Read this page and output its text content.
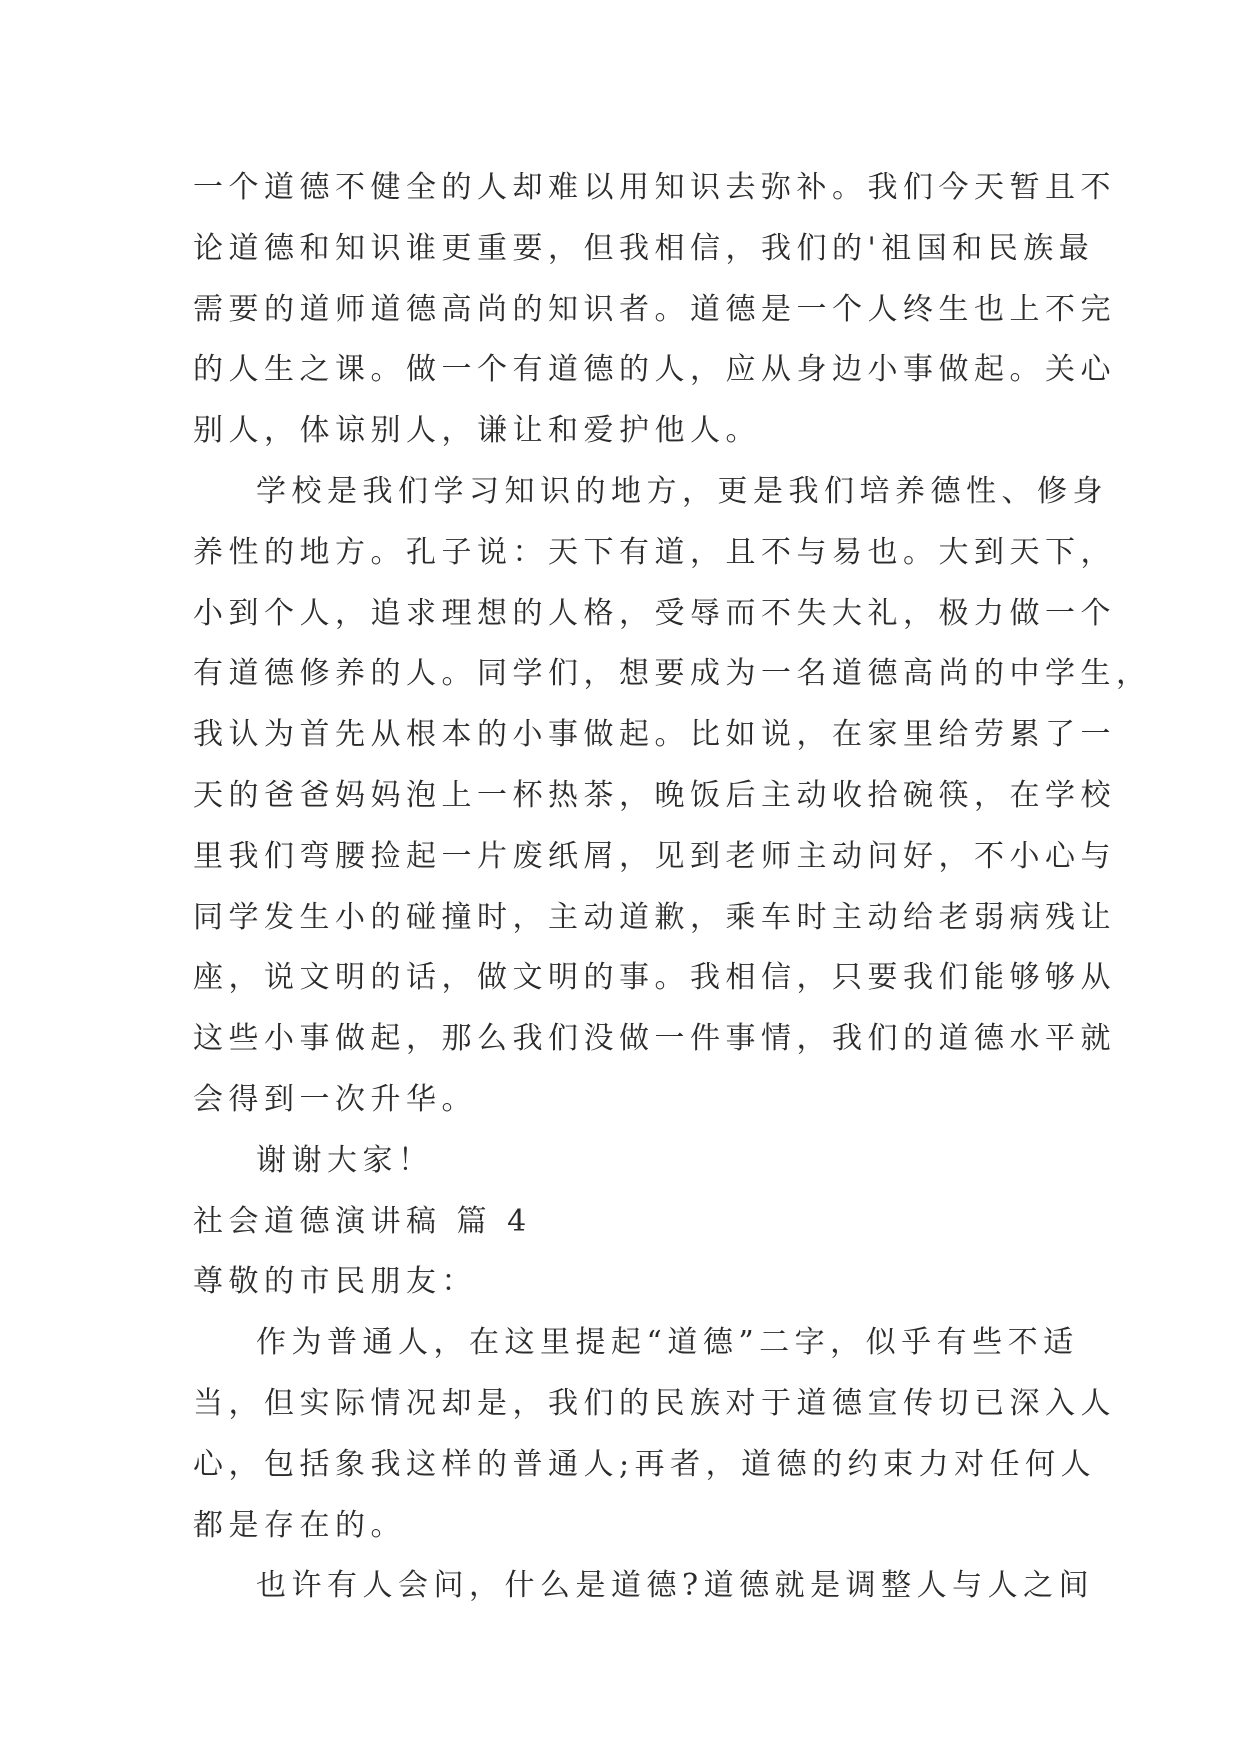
一个道德不健全的人却难以用知识去弥补。我们今天暂且不
论道德和知识谁更重要，但我相信，我们的'祖国和民族最
需要的道师道德高尚的知识者。道德是一个人终生也上不完
的人生之课。做一个有道德的人，应从身边小事做起。关心
别人，体谅别人，谦让和爱护他人。

学校是我们学习知识的地方，更是我们培养德性、修身
养性的地方。孔子说：天下有道，且不与易也。大到天下，
小到个人，追求理想的人格，受辱而不失大礼，极力做一个
有道德修养的人。同学们，想要成为一名道德高尚的中学生，
我认为首先从根本的小事做起。比如说，在家里给劳累了一
天的爸爸妈妈泡上一杯热茶，晚饭后主动收拾碗筷，在学校
里我们弯腰捡起一片废纸屑，见到老师主动问好，不小心与
同学发生小的碰撞时，主动道歉，乘车时主动给老弱病残让
座，说文明的话，做文明的事。我相信，只要我们能够够从
这些小事做起，那么我们没做一件事情，我们的道德水平就
会得到一次升华。

谢谢大家！

社会道德演讲稿 篇 4

尊敬的市民朋友：

作为普通人，在这里提起“道德”二字，似乎有些不适
当，但实际情况却是，我们的民族对于道德宣传切已深入人
心，包括象我这样的普通人;再者，道德的约束力对任何人
都是存在的。

也许有人会问，什么是道德?道德就是调整人与人之间
